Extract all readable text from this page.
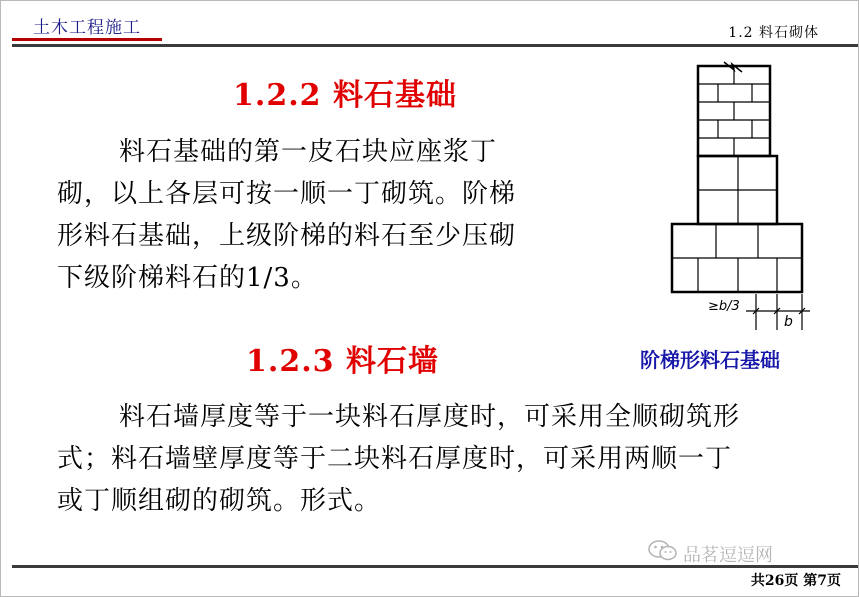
土木工程施工	1.2 料石砌体
1.2.2 料石基础
料石基础的第一皮石块应座浆丁
砌，以上各层可按一顺一丁砌筑。阶梯
形料石基础，上级阶梯的料石至少压砌
下级阶梯料石的1/3。
1.2.3 料石墙
料石墙厚度等于一块料石厚度时，可采用全顺砌筑形
式；料石墙壁厚度等于二块料石厚度时，可采用两顺一丁
或丁顺组砌的砌筑。形式。
≥b/3
b
阶梯形料石基础
品茗逗逗网
共26页 第7页
